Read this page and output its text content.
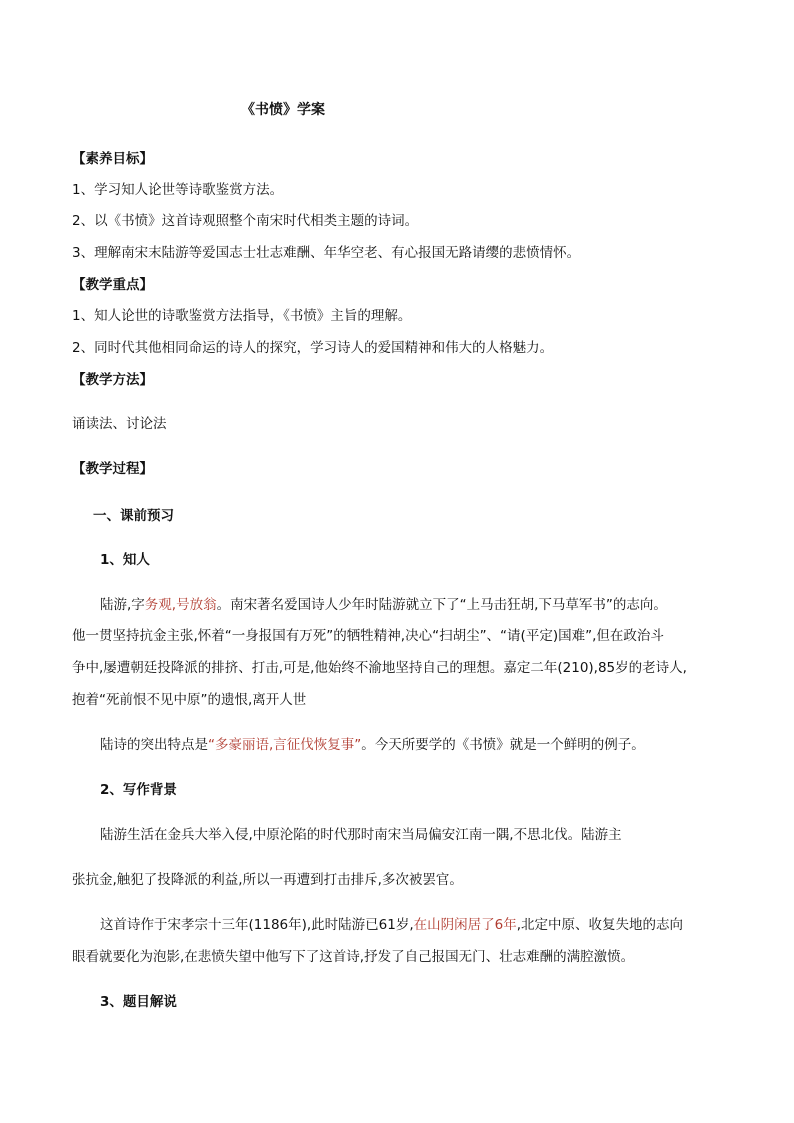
《书愤》学案
【素养目标】
1、学习知人论世等诗歌鉴赏方法。
2、以《书愤》这首诗观照整个南宋时代相类主题的诗词。
3、理解南宋末陆游等爱国志士壮志难酬、年华空老、有心报国无路请缨的悲愤情怀。
【教学重点】
1、知人论世的诗歌鉴赏方法指导，《书愤》主旨的理解。
2、同时代其他相同命运的诗人的探究，学习诗人的爱国精神和伟大的人格魅力。
【教学方法】
诵读法、讨论法
【教学过程】
一、课前预习
1、知人
陆游,字务观,号放翁。南宋著名爱国诗人少年时陆游就立下了“上马击狂胡,下马草军书”的志向。
他一贯坚持抗金主张,怀着“一身报国有万死”的牺牲精神,决心“扫胡尘”、“请(平定)国难”,但在政治斗
争中,屡遭朝廷投降派的排挤、打击,可是,他始终不渝地坚持自己的理想。嘉定二年(210),85岁的老诗人,
抱着“死前恨不见中原”的遗恨,离开人世
陆诗的突出特点是“多豪丽语,言征伐恢复事”。今天所要学的《书愤》就是一个鲜明的例子。
2、写作背景
陆游生活在金兵大举入侵,中原沦陷的时代那时南宋当局偏安江南一隅,不思北伐。陆游主
张抗金,触犯了投降派的利益,所以一再遭到打击排斥,多次被罢官。
这首诗作于宋孝宗十三年(1186年),此时陆游已61岁,在山阴闲居了6年,北定中原、收复失地的志向
眼看就要化为泡影,在悲愤失望中他写下了这首诗,抒发了自己报国无门、壮志难酬的满腔激愤。
3、题目解说
